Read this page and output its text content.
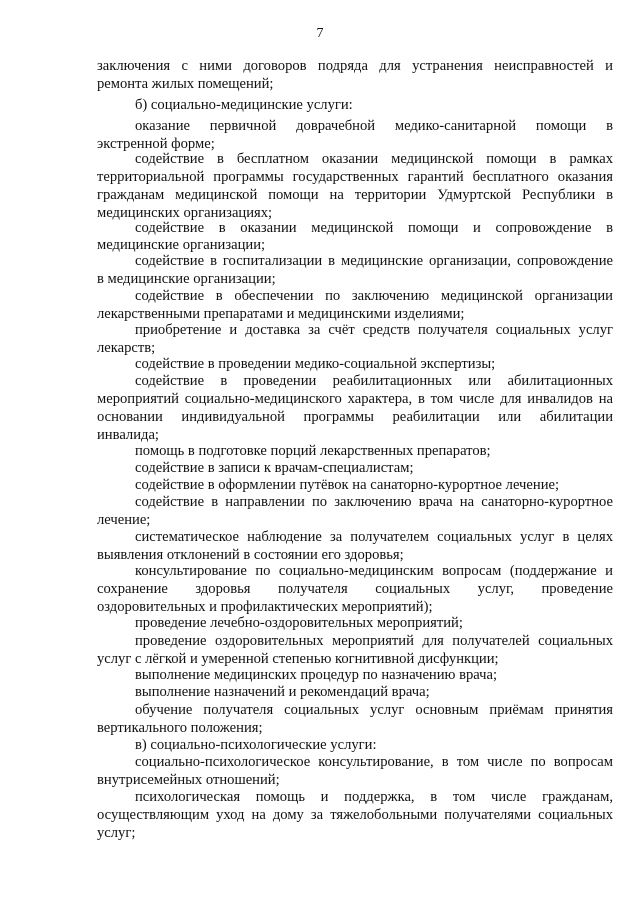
7
заключения с ними договоров подряда для устранения неисправностей и
ремонта жилых помещений;
б) социально-медицинские услуги:
оказание первичной доврачебной медико-санитарной помощи в
экстренной форме;
содействие в бесплатном оказании медицинской помощи в рамках
территориальной программы государственных гарантий бесплатного оказания
гражданам медицинской помощи на территории Удмуртской Республики в
медицинских организациях;
содействие в оказании медицинской помощи и сопровождение в
медицинские организации;
содействие в госпитализации в медицинские организации, сопровождение
в медицинские организации;
содействие в обеспечении по заключению медицинской организации
лекарственными препаратами и медицинскими изделиями;
приобретение и доставка за счёт средств получателя социальных услуг
лекарств;
содействие в проведении медико-социальной экспертизы;
содействие в проведении реабилитационных или абилитационных
мероприятий социально-медицинского характера, в том числе для инвалидов на
основании индивидуальной программы реабилитации или абилитации
инвалида;
помощь в подготовке порций лекарственных препаратов;
содействие в записи к врачам-специалистам;
содействие в оформлении путёвок на санаторно-курортное лечение;
содействие в направлении по заключению врача на санаторно-курортное
лечение;
систематическое наблюдение за получателем социальных услуг в целях
выявления отклонений в состоянии его здоровья;
консультирование по социально-медицинским вопросам (поддержание и
сохранение здоровья получателя социальных услуг, проведение
оздоровительных и профилактических мероприятий);
проведение лечебно-оздоровительных мероприятий;
проведение оздоровительных мероприятий для получателей социальных
услуг с лёгкой и умеренной степенью когнитивной дисфункции;
выполнение медицинских процедур по назначению врача;
выполнение назначений и рекомендаций врача;
обучение получателя социальных услуг основным приёмам принятия
вертикального положения;
в) социально-психологические услуги:
социально-психологическое консультирование, в том числе по вопросам
внутрисемейных отношений;
психологическая помощь и поддержка, в том числе гражданам,
осуществляющим уход на дому за тяжелобольными получателями социальных
услуг;
